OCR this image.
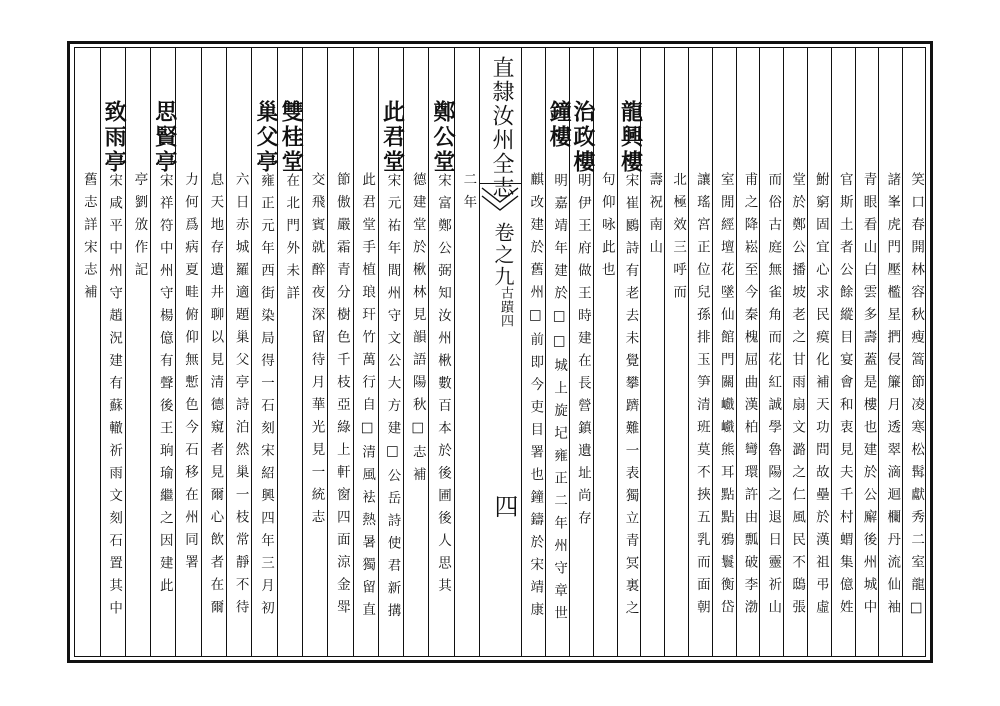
直隸汝州全志
卷之九
古蹟四
四	笑口春開林容秋瘦篙節凌寒松髯獻秀二室龍□
諸峯虎門壓檻星捫侵簾月透翠滴迴欄丹流仙袖
青眼看山白雲多壽蓋是樓也建於公廨後州城中
官斯土者公餘縱目宴會和衷見夫千村蝟集億姓
鮒窮固宜心求民瘼化補天功問故壘於漢祖弔虛
堂於鄭公播坡老之甘雨扇文潞之仁風民不鴟張
而俗古庭無雀角而花紅誠學魯陽之退日靈祈山
甫之降崧至今秦槐屈曲漢柏彎環許由瓢破李渤
室閒經壇花墜仙館門關巇巇熊耳點點鴉鬟衡岱
讓瑤宮正位兒孫排玉笋清班莫不挾五乳而面朝
北極效三呼而
壽祝南山
龍興樓
宋崔鶠詩有老去未覺攀躋難一表獨立青冥裏之
句仰咏此也
治政樓
明伊王府做王時建在長營鎮遺址尚存
鐘樓
明嘉靖年建於□□城上旋圮雍正二年州守章世
麒改建於舊州□前即今吏目署也鐘鑄於宋靖康
二年
鄭公堂
宋富鄭公弼知汝州楸數百本於後圃後人思其
德建堂於楸林見韻語陽秋□志補
此君堂
宋元祐年間州守文公大方建□公岳詩使君新搆
此君堂手植琅玕竹萬行自□清風袪熱暑獨留直
節傲嚴霜青分樹色千枝亞綠上軒窗四面涼金斝
交飛賓就醉夜深留待月華光見一統志
雙桂堂
在北門外未詳
巢父亭
雍正元年西街染局得一石刻宋紹興四年三月初
六日赤城羅適題巢父亭詩泊然巢一枝常靜不待
息天地存遺井聊以見清德窺者見爾心飲者在爾
力何爲病夏畦俯仰無慙色今石移在州同署
思賢亭
宋祥符中州守楊億有聲後王珦瑜繼之因建此
亭劉攽作記
致雨亭
宋咸平中州守趙況建有蘇轍祈雨文刻石置其中
舊志詳宋志補
